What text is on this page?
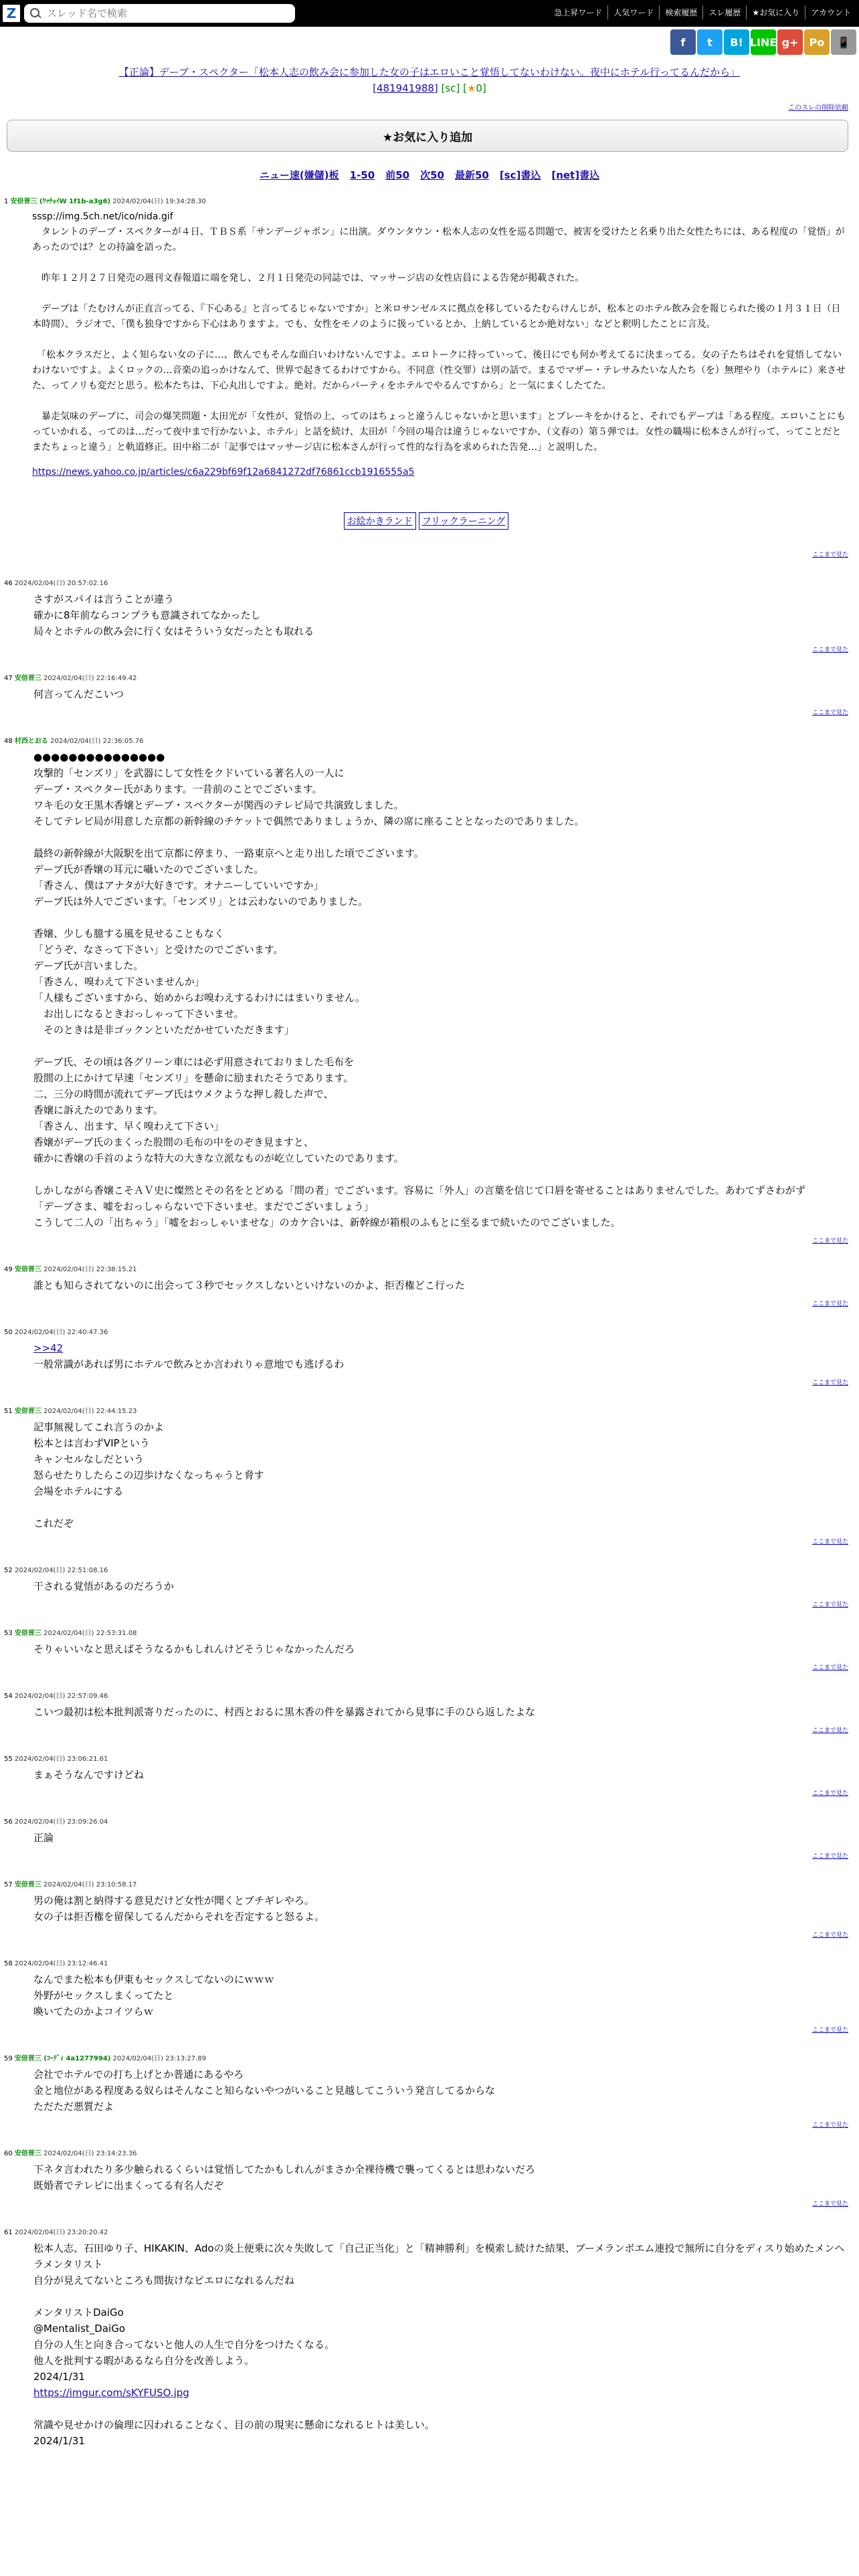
Z
スレッド名で検索	急上昇ワード	人気ワード	検索履歴	スレ履歴	★お気に入り	アカウント
f	t	B! LINE g+	Po	📱
【正論】デーブ・スペクター「松本人志の飲み会に参加した女の子はエロいこと覚悟してないわけない。夜中にホテル行ってるんだから」
[481941988] [sc] [★0]
このスレの削除依頼
★お気に入り追加
ニュー速(嫌儲)板 1-50 前50 次50 最新50 [sc]書込 [net]書込
1 安倍晋三 (ﾜｯﾁｮｲW 1f1b-a3g6) 2024/02/04(日) 19:34:28.30
sssp://img.5ch.net/ico/nida.gif
　タレントのデーブ・スペクターが４日、ＴＢＳ系「サンデージャポン」に出演。ダウンタウン・松本人志の女性を巡る問題で、被害を受けたと名乗り出た女性たちには、ある程度の「覚悟」があったのでは？との持論を語った。

　昨年１２月２７日発売の週刊文春報道に端を発し、２月１日発売の同誌では、マッサージ店の女性店員による告発が掲載された。

　デーブは「たむけんが正直言ってる、『下心ある』と言ってるじゃないですか」と米ロサンゼルスに拠点を移しているたむらけんじが、松本とのホテル飲み会を報じられた後の１月３１日（日本時間）、ラジオで、「僕も独身ですから下心はありますよ。でも、女性をモノのように扱っているとか、上納しているとか絶対ない」などと釈明したことに言及。

　「松本クラスだと、よく知らない女の子に…、飲んでもそんな面白いわけないんですよ。エロトークに持っていって、後日にでも何か考えてるに決まってる。女の子たちはそれを覚悟してないわけないですよ。よくロックの…音楽の追っかけなんて、世界で起きてるわけですから。不同意（性交罪）は別の話で。まるでマザー・テレサみたいな人たち（を）無理やり（ホテルに）来させた、ってノリも変だと思う。松本たちは、下心丸出しですよ。絶対。だからパーティをホテルでやるんですから」と一気にまくしたてた。

　暴走気味のデーブに、司会の爆笑問題・太田光が「女性が、覚悟の上、ってのはちょっと違うんじゃないかと思います」とブレーキをかけると、それでもデーブは「ある程度。エロいことにもっていかれる、ってのは…だって夜中まで行かないよ、ホテル」と話を続け、太田が「今回の場合は違うじゃないですか、（文春の）第５弾では。女性の職場に松本さんが行って、ってことだとまたちょっと違う」と軌道修正。田中裕二が「記事ではマッサージ店に松本さんが行って性的な行為を求められた告発…」と説明した。
https://news.yahoo.co.jp/articles/c6a229bf69f12a6841272df76861ccb1916555a5
お絵かきランド フリックラーニング
ここまで見た
46 2024/02/04(日) 20:57:02.16
さすがスパイは言うことが違う
確かに8年前ならコンプラも意識されてなかったし
局々とホテルの飲み会に行く女はそういう女だったとも取れる
ここまで見た
47 安倍晋三 2024/02/04(日) 22:16:49.42
何言ってんだこいつ
ここまで見た
48 村西とおる 2024/02/04(日) 22:36:05.76
●●●●●●●●●●●●●●●
攻撃的「センズリ」を武器にして女性をクドいている著名人の一人に
デーブ・スペクター氏があります。一昔前のことでございます。
ワキ毛の女王黒木香嬢とデーブ・スペクターが関西のテレビ局で共演致しました。
そしてテレビ局が用意した京都の新幹線のチケットで偶然でありましょうか、隣の席に座ることとなったのでありました。

最終の新幹線が大阪駅を出て京都に停まり、一路東京へと走り出した頃でございます。
デーブ氏が香嬢の耳元に囁いたのでございました。
「香さん、僕はアナタが大好きです。オナニーしていいですか」
デーブ氏は外人でございます。「センズリ」とは云わないのでありました。

香嬢、少しも臆する風を見せることもなく
「どうぞ、なさって下さい」と受けたのでございます。
デーブ氏が言いました。
「香さん、嗅わえて下さいませんか」
「人様もございますから、始めからお嗅わえするわけにはまいりません。
　お出しになるときおっしゃって下さいませ。
　そのときは是非ゴックンといただかせていただきます」

デーブ氏、その頃は各グリーン車には必ず用意されておりました毛布を
股間の上にかけて早速「センズリ」を懸命に励まれたそうであります。
二、三分の時間が流れてデーブ氏はウメクような押し殺した声で、
香嬢に訴えたのであります。
「香さん、出ます、早く嗅わえて下さい」
香嬢がデーブ氏のまくった股間の毛布の中をのぞき見ますと、
確かに香嬢の手首のような特大の大きな立派なものが屹立していたのであります。

しかしながら香嬢こそＡＶ史に燦然とその名をとどめる「間の者」でございます。容易に「外人」の言葉を信じて口唇を寄せることはありませんでした。あわてずさわがず
「デーブさま、嘘をおっしゃらないで下さいませ。まだでございましょう」
こうして二人の「出ちゃう」「嘘をおっしゃいませな」のカケ合いは、新幹線が箱根のふもとに至るまで続いたのでございました。
ここまで見た
49 安倍晋三 2024/02/04(日) 22:38:15.21
誰とも知らされてないのに出会って３秒でセックスしないといけないのかよ、拒否権どこ行った
ここまで見た
50 2024/02/04(日) 22:40:47.36
>>42
一般常識があれば男にホテルで飲みとか言われりゃ意地でも逃げるわ
ここまで見た
51 安倍晋三 2024/02/04(日) 22:44:15.23
記事無視してこれ言うのかよ
松本とは言わずVIPという
キャンセルなしだという
怒らせたりしたらこの辺歩けなくなっちゃうと脅す
会場をホテルにする

これだぞ
ここまで見た
52 2024/02/04(日) 22:51:08.16
干される覚悟があるのだろうか
ここまで見た
53 安倍晋三 2024/02/04(日) 22:53:31.08
そりゃいいなと思えばそうなるかもしれんけどそうじゃなかったんだろ
ここまで見た
54 2024/02/04(日) 22:57:09.46
こいつ最初は松本批判派寄りだったのに、村西とおるに黒木香の件を暴露されてから見事に手のひら返したよな
ここまで見た
55 2024/02/04(日) 23:06:21.61
まぁそうなんですけどね
ここまで見た
56 2024/02/04(日) 23:09:26.04
正論
ここまで見た
57 安倍晋三 2024/02/04(日) 23:10:58.17
男の俺は割と納得する意見だけど女性が聞くとブチギレやろ。
女の子は拒否権を留保してるんだからそれを否定すると怒るよ。
ここまで見た
58 2024/02/04(日) 23:12:46.41
なんでまた松本も伊東もセックスしてないのにｗｗｗ
外野がセックスしまくってたと
喚いてたのかよコイツらｗ
ここまで見た
59 安倍晋三 (ｺｰﾃﾞｨ 4a1277994) 2024/02/04(日) 23:13:27.89
会社でホテルでの打ち上げとか普通にあるやろ
金と地位がある程度ある奴らはそんなこと知らないやつがいること見越してこういう発言してるからな
ただただ悪質だよ
ここまで見た
60 安倍晋三 2024/02/04(日) 23:14:23.36
下ネタ言われたり多少触られるくらいは覚悟してたかもしれんがまさか全裸待機で襲ってくるとは思わないだろ
既婚者でテレビに出まくってる有名人だぞ
ここまで見た
61 2024/02/04(日) 23:20:20.42
松本人志、石田ゆり子、HIKAKIN、Adoの炎上便乗に次々失敗して「自己正当化」と「精神勝利」を模索し続けた結果、ブーメランボエム連投で無所に自分をディスり始めたメンヘラメンタリスト
自分が見えてないところも間抜けなピエロになれるんだね

メンタリストDaiGo
@Mentalist_DaiGo
自分の人生と向き合ってないと他人の人生で自分をつけたくなる。
他人を批判する暇があるなら自分を改善しよう。
2024/1/31
https://imgur.com/sKYFUSO.jpg

常識や見せかけの倫理に囚われることなく、目の前の現実に懸命になれるヒトは美しい。
2024/1/31
